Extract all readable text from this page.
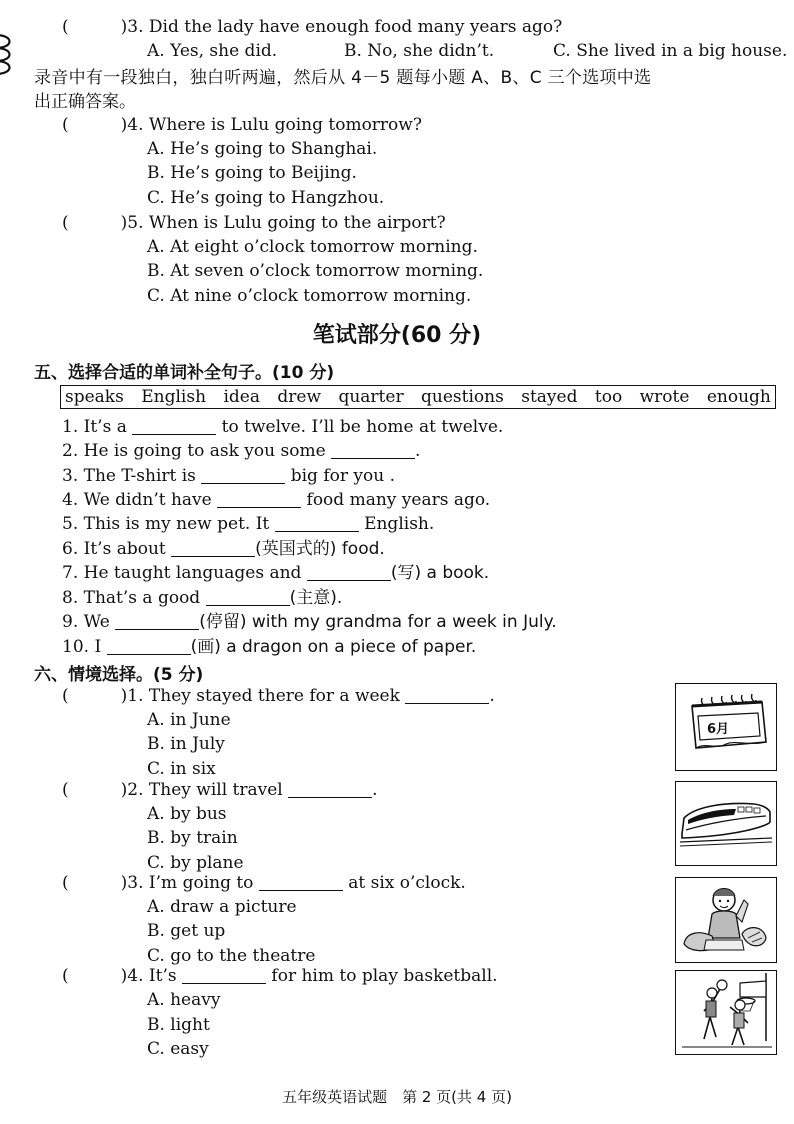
(	)3. Did the lady have enough food many years ago?
A. Yes, she did.	B. No, she didn’t.	C. She lived in a big house.
录音中有一段独白，独白听两遍，然后从 4－5 题每小题 A、B、C 三个选项中选
出正确答案。
(	)4. Where is Lulu going tomorrow?
A. He’s going to Shanghai.
B. He’s going to Beijing.
C. He’s going to Hangzhou.
(	)5. When is Lulu going to the airport?
A. At eight o’clock tomorrow morning.
B. At seven o’clock tomorrow morning.
C. At nine o’clock tomorrow morning.
笔试部分(60 分)
五、选择合适的单词补全句子。(10 分)
speaks English idea drew quarter questions stayed too wrote enough
1. It’s a	to twelve. I’ll be home at twelve.
2. He is going to ask you some	.
3. The T-shirt is	big for you .
4. We didn’t have	food many years ago.
5. This is my new pet. It	English.
6. It’s about	(英国式的) food.
7. He taught languages and	(写) a book.
8. That’s a good	(主意).
9. We	(停留) with my grandma for a week in July.
10. I	(画) a dragon on a piece of paper.
六、情境选择。(5 分)
(	)1. They stayed there for a week	.
A. in June
B. in July
C. in six
(	)2. They will travel	.
A. by bus
B. by train
C. by plane
(	)3. I’m going to	at six o’clock.
A. draw a picture
B. get up
C. go to the theatre
(	)4. It’s	for him to play basketball.
A. heavy
B. light
C. easy
6月
五年级英语试题　第 2 页(共 4 页)
